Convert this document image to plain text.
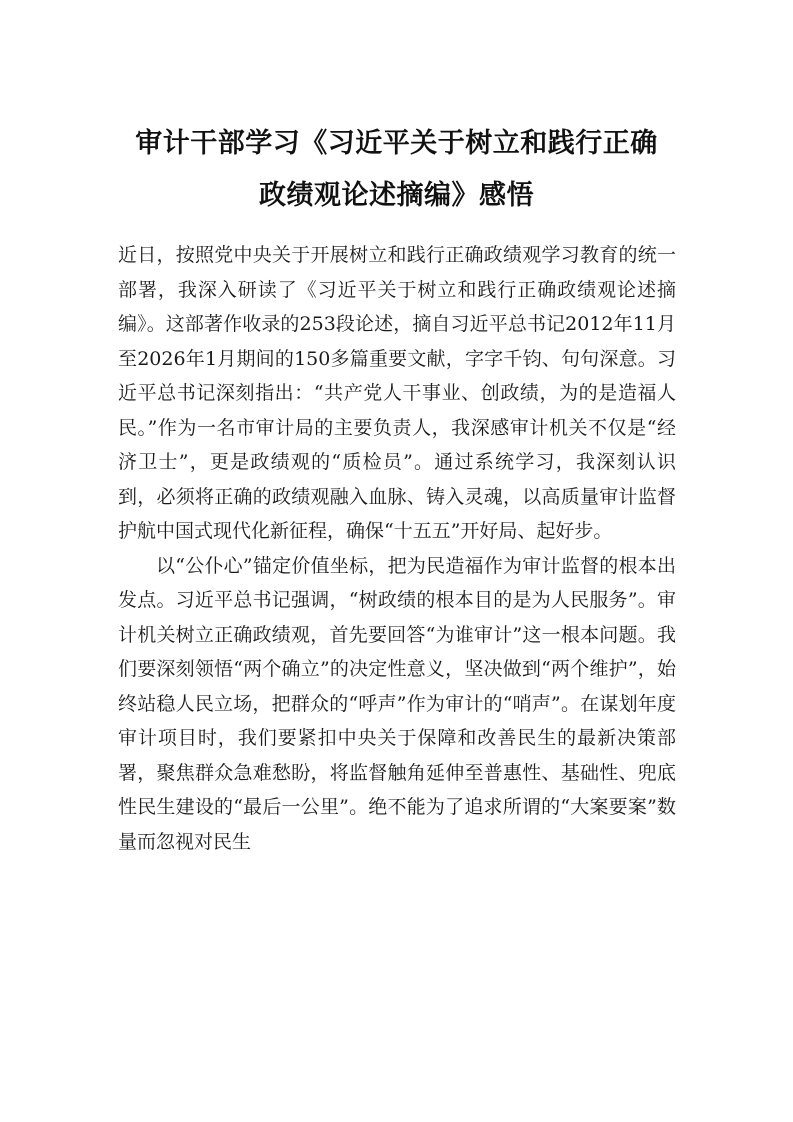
审计干部学习《习近平关于树立和践行正确
政绩观论述摘编》感悟

近日，按照党中央关于开展树立和践行正确政绩观学习教育的统一部署，我深入研读了《习近平关于树立和践行正确政绩观论述摘编》。这部著作收录的253段论述，摘自习近平总书记2012年11月至2026年1月期间的150多篇重要文献，字字千钧、句句深意。习近平总书记深刻指出：“共产党人干事业、创政绩，为的是造福人民。”作为一名市审计局的主要负责人，我深感审计机关不仅是“经济卫士”，更是政绩观的“质检员”。通过系统学习，我深刻认识到，必须将正确的政绩观融入血脉、铸入灵魂，以高质量审计监督护航中国式现代化新征程，确保“十五五”开好局、起好步。

以“公仆心”锚定价值坐标，把为民造福作为审计监督的根本出发点。习近平总书记强调，“树政绩的根本目的是为人民服务”。审计机关树立正确政绩观，首先要回答“为谁审计”这一根本问题。我们要深刻领悟“两个确立”的决定性意义，坚决做到“两个维护”，始终站稳人民立场，把群众的“呼声”作为审计的“哨声”。在谋划年度审计项目时，我们要紧扣中央关于保障和改善民生的最新决策部署，聚焦群众急难愁盼，将监督触角延伸至普惠性、基础性、兜底性民生建设的“最后一公里”。绝不能为了追求所谓的“大案要案”数量而忽视对民生
